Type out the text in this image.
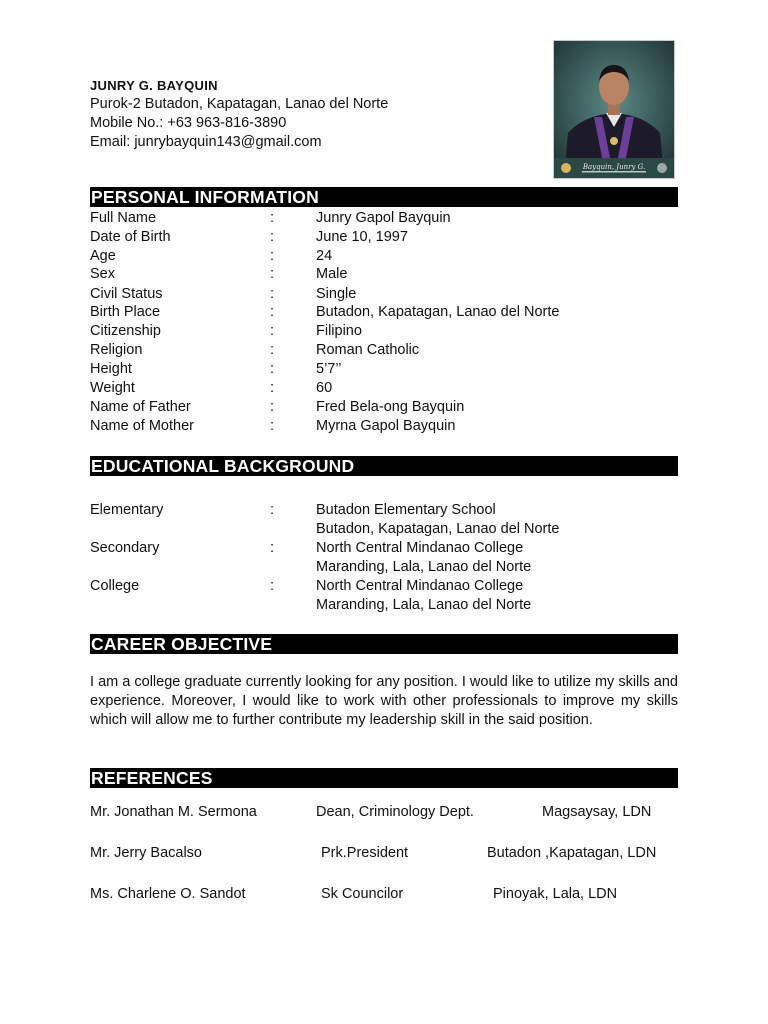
JUNRY G. BAYQUIN
Purok-2 Butadon, Kapatagan, Lanao del Norte
Mobile No.: +63 963-816-3890
Email: junrybayquin143@gmail.com
Bayquin, Junry G.
PERSONAL INFORMATION
Full Name	:	Junry Gapol Bayquin
Date of Birth	:	June 10, 1997
Age	:	24
Sex	:	Male
Civil Status	:	Single
Birth Place	:	Butadon, Kapatagan, Lanao del Norte
Citizenship	:	Filipino
Religion	:	Roman Catholic
Height	:	5’7’’
Weight	:	60
Name of Father	:	Fred Bela-ong Bayquin
Name of Mother	:	Myrna Gapol Bayquin
EDUCATIONAL BACKGROUND
Elementary	:	Butadon Elementary School
Butadon, Kapatagan, Lanao del Norte
Secondary	:	North Central Mindanao College
Maranding, Lala, Lanao del Norte
College	:	North Central Mindanao College
Maranding, Lala, Lanao del Norte
CAREER OBJECTIVE
I am a college graduate currently looking for any position. I would like to utilize my skills and experience. Moreover, I would like to work with other professionals to improve my skills which will allow me to further contribute my leadership skill in the said position.
REFERENCES
Mr. Jonathan M. Sermona	Dean, Criminology Dept.	Magsaysay, LDN
Mr. Jerry Bacalso	Prk.President	Butadon ,Kapatagan, LDN
Ms. Charlene O. Sandot	Sk Councilor	Pinoyak, Lala, LDN
